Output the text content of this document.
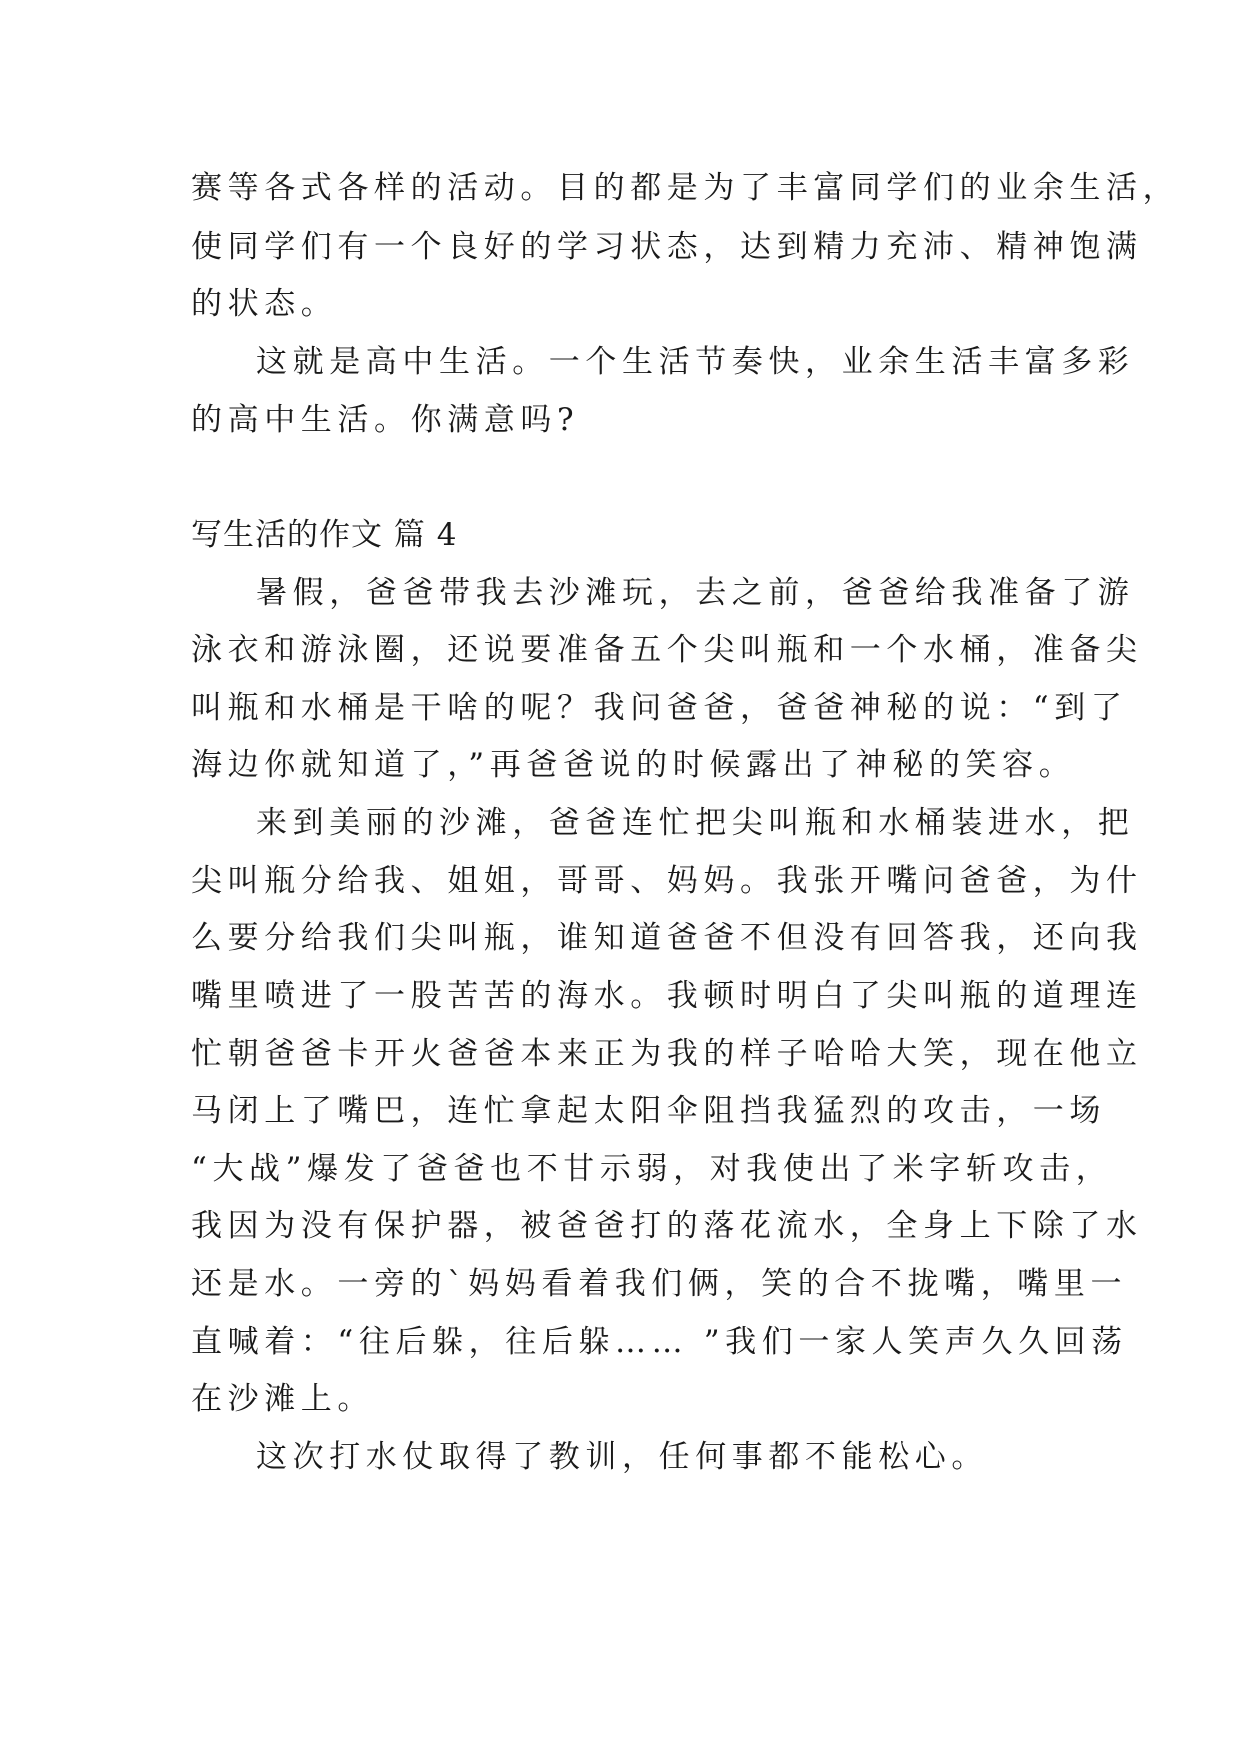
赛等各式各样的活动。目的都是为了丰富同学们的业余生活，
使同学们有一个良好的学习状态，达到精力充沛、精神饱满
的状态。
这就是高中生活。一个生活节奏快，业余生活丰富多彩
的高中生活。你满意吗?
写生活的作文 篇 4
暑假，爸爸带我去沙滩玩，去之前，爸爸给我准备了游
泳衣和游泳圈，还说要准备五个尖叫瓶和一个水桶，准备尖
叫瓶和水桶是干啥的呢？我问爸爸，爸爸神秘的说：“到了
海边你就知道了，”再爸爸说的时候露出了神秘的笑容。
来到美丽的沙滩，爸爸连忙把尖叫瓶和水桶装进水，把
尖叫瓶分给我、姐姐，哥哥、妈妈。我张开嘴问爸爸，为什
么要分给我们尖叫瓶，谁知道爸爸不但没有回答我，还向我
嘴里喷进了一股苦苦的海水。我顿时明白了尖叫瓶的道理连
忙朝爸爸卡开火爸爸本来正为我的样子哈哈大笑，现在他立
马闭上了嘴巴，连忙拿起太阳伞阻挡我猛烈的攻击，一场
“大战”爆发了爸爸也不甘示弱，对我使出了米字斩攻击，
我因为没有保护器，被爸爸打的落花流水，全身上下除了水
还是水。一旁的`妈妈看着我们俩，笑的合不拢嘴，嘴里一
直喊着：“往后躲，往后躲…… ”我们一家人笑声久久回荡
在沙滩上。
这次打水仗取得了教训，任何事都不能松心。
